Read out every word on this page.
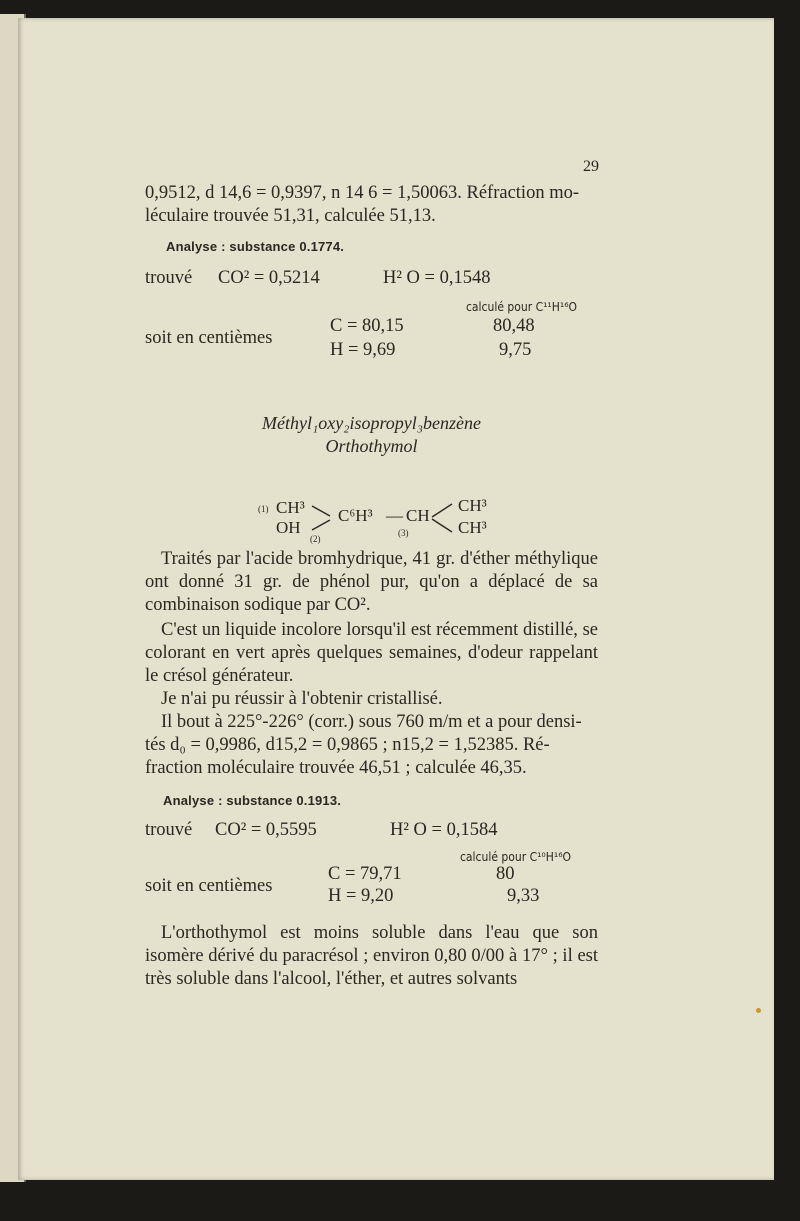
29
0,9512, d 14,6 = 0,9397, n 14 6 = 1,50063. Réfraction mo-
léculaire trouvée 51,31, calculée 51,13.
Analyse : substance 0.1774.
trouvé CO² = 0,5214	H² O = 0,1548
calculé pour C¹¹H¹⁶O
soit en centièmes
C = 80,15
H = 9,69
80,48
9,75
Méthyl₁oxy₂isopropyl₃benzène
Orthothymol
(1) CH³
OH
(2)
C⁶H³ — CH
(3)
CH³
CH³
Traités par l'acide bromhydrique, 41 gr. d'éther méthylique ont donné 31 gr. de phénol pur, qu'on a déplacé de sa combinaison sodique par CO².
C'est un liquide incolore lorsqu'il est récemment distillé, se colorant en vert après quelques semaines, d'odeur rappelant le crésol générateur.
Je n'ai pu réussir à l'obtenir cristallisé.
Il bout à 225°-226° (corr.) sous 760 m/m et a pour densi-
tés d₀ = 0,9986, d15,2 = 0,9865 ; n15,2 = 1,52385. Ré-
fraction moléculaire trouvée 46,51 ; calculée 46,35.
Analyse : substance 0.1913.
trouvé CO² = 0,5595	H² O = 0,1584
calculé pour C¹⁰H¹⁶O
soit en centièmes
C = 79,71
H = 9,20
80
9,33
L'orthothymol est moins soluble dans l'eau que son isomère dérivé du paracrésol ; environ 0,80 0/00 à 17° ; il est très soluble dans l'alcool, l'éther, et autres solvants
